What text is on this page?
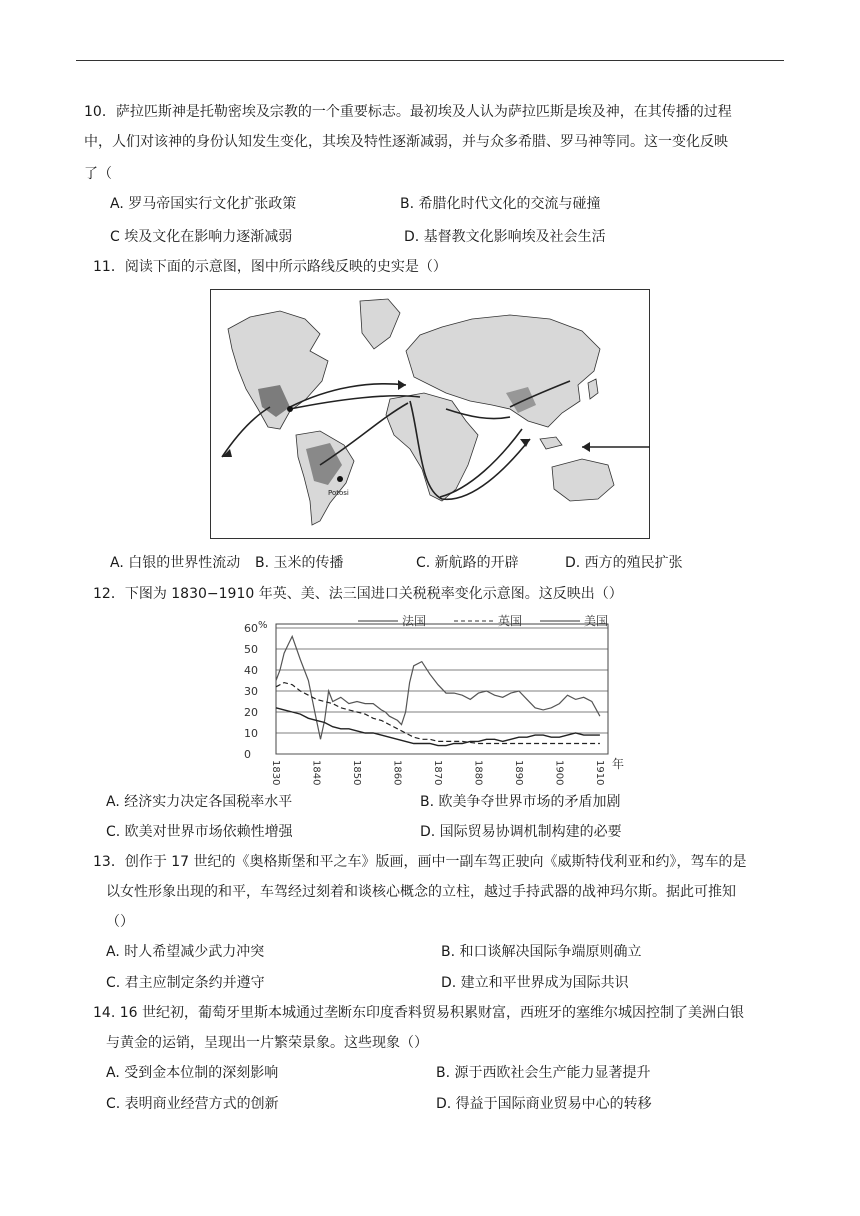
10．萨拉匹斯神是托勒密埃及宗教的一个重要标志。最初埃及人认为萨拉匹斯是埃及神，在其传播的过程
中，人们对该神的身份认知发生变化，其埃及特性逐渐减弱，并与众多希腊、罗马神等同。这一变化反映
了（
A. 罗马帝国实行文化扩张政策	B. 希腊化时代文化的交流与碰撞
C 埃及文化在影响力逐渐减弱	D. 基督教文化影响埃及社会生活
11．阅读下面的示意图，图中所示路线反映的史实是（）
Potosi
A. 白银的世界性流动 B. 玉米的传播	C. 新航路的开辟	D. 西方的殖民扩张
12．下图为 1830−1910 年英、美、法三国进口关税税率变化示意图。这反映出（）
60
50
40
30
20
10
0
%
1830	1840	1850	1860	1870	1880	1890	1900	1910 年
法国	英国	美国
A. 经济实力决定各国税率水平	B. 欧美争夺世界市场的矛盾加剧
C. 欧美对世界市场依赖性增强	D. 国际贸易协调机制构建的必要
13．创作于 17 世纪的《奥格斯堡和平之车》版画，画中一副车驾正驶向《威斯特伐利亚和约》，驾车的是
以女性形象出现的和平，车驾经过刻着和谈核心概念的立柱，越过手持武器的战神玛尔斯。据此可推知
（）
A. 时人希望减少武力冲突	B. 和口谈解决国际争端原则确立
C. 君主应制定条约并遵守	D. 建立和平世界成为国际共识
14. 16 世纪初，葡萄牙里斯本城通过垄断东印度香料贸易积累财富，西班牙的塞维尔城因控制了美洲白银
与黄金的运销，呈现出一片繁荣景象。这些现象（）
A. 受到金本位制的深刻影响	B. 源于西欧社会生产能力显著提升
C. 表明商业经营方式的创新	D. 得益于国际商业贸易中心的转移
